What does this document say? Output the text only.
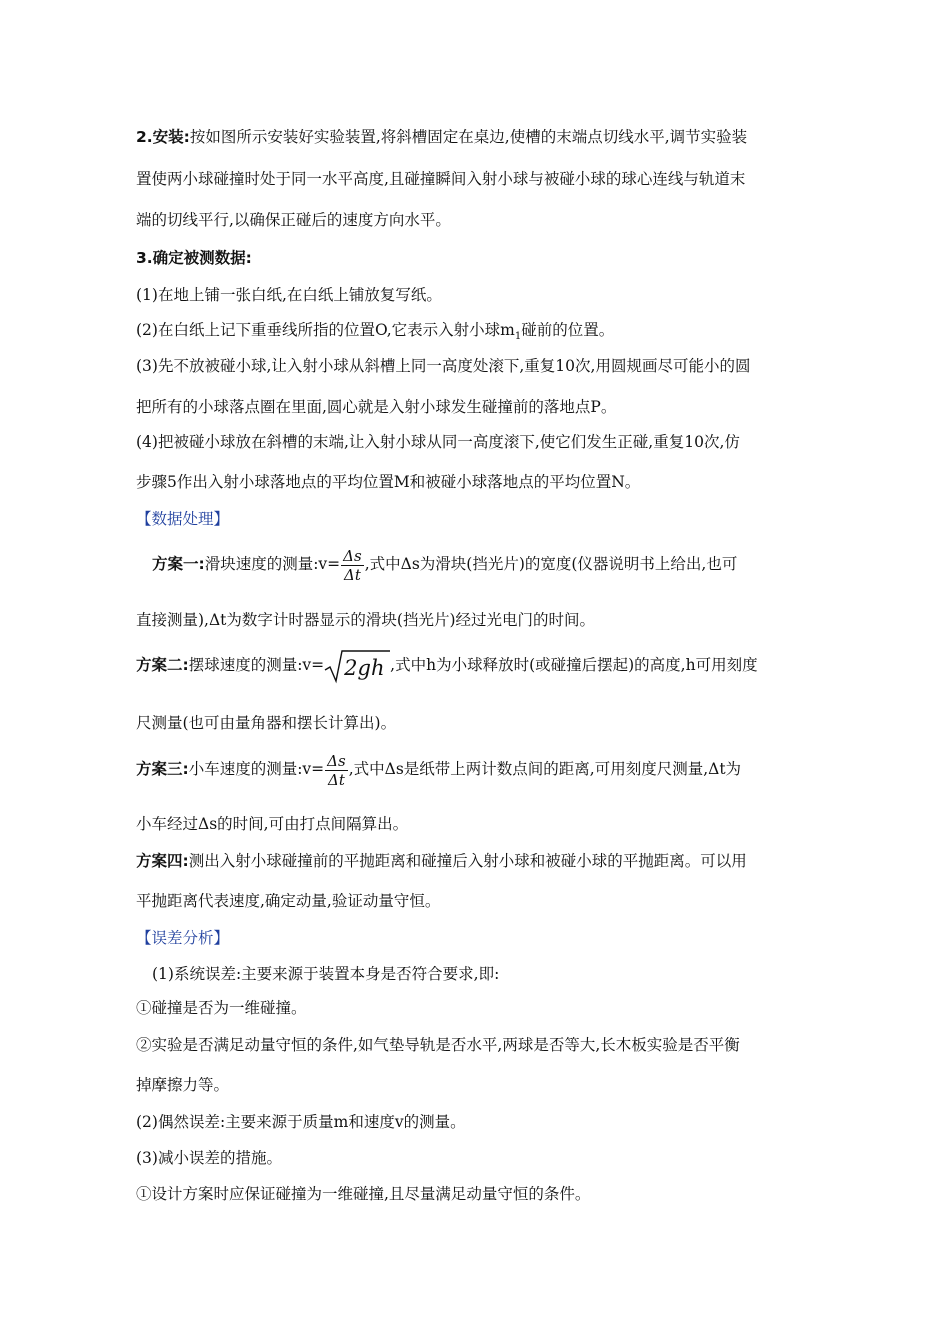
2.安装:按如图所示安装好实验装置,将斜槽固定在桌边,使槽的末端点切线水平,调节实验装
置使两小球碰撞时处于同一水平高度,且碰撞瞬间入射小球与被碰小球的球心连线与轨道末
端的切线平行,以确保正碰后的速度方向水平。
3.确定被测数据:
(1)在地上铺一张白纸,在白纸上铺放复写纸。
(2)在白纸上记下重垂线所指的位置O,它表示入射小球$m_1$碰前的位置。
(3)先不放被碰小球,让入射小球从斜槽上同一高度处滚下,重复10次,用圆规画尽可能小的圆
把所有的小球落点圈在里面,圆心就是入射小球发生碰撞前的落地点P。
(4)把被碰小球放在斜槽的末端,让入射小球从同一高度滚下,使它们发生正碰,重复10次,仿
步骤5作出入射小球落地点的平均位置M和被碰小球落地点的平均位置N。
【数据处理】
方案一:滑块速度的测量:v= $\frac{\Delta s}{\Delta t}$ ,式中Δs为滑块(挡光片)的宽度(仪器说明书上给出,也可
直接测量),Δt为数字计时器显示的滑块(挡光片)经过光电门的时间。
方案二:摆球速度的测量:v= 2gh ,式中h为小球释放时(或碰撞后摆起)的高度,h可用刻度
尺测量(也可由量角器和摆长计算出)。
方案三:小车速度的测量:v= $\frac{\Delta s}{\Delta t}$ ,式中Δs是纸带上两计数点间的距离,可用刻度尺测量,Δt为
小车经过Δs的时间,可由打点间隔算出。
方案四:测出入射小球碰撞前的平抛距离和碰撞后入射小球和被碰小球的平抛距离。可以用
平抛距离代表速度,确定动量,验证动量守恒。
【误差分析】
(1)系统误差:主要来源于装置本身是否符合要求,即:
①碰撞是否为一维碰撞。
②实验是否满足动量守恒的条件,如气垫导轨是否水平,两球是否等大,长木板实验是否平衡
掉摩擦力等。
(2)偶然误差:主要来源于质量m和速度v的测量。
(3)减小误差的措施。
①设计方案时应保证碰撞为一维碰撞,且尽量满足动量守恒的条件。
